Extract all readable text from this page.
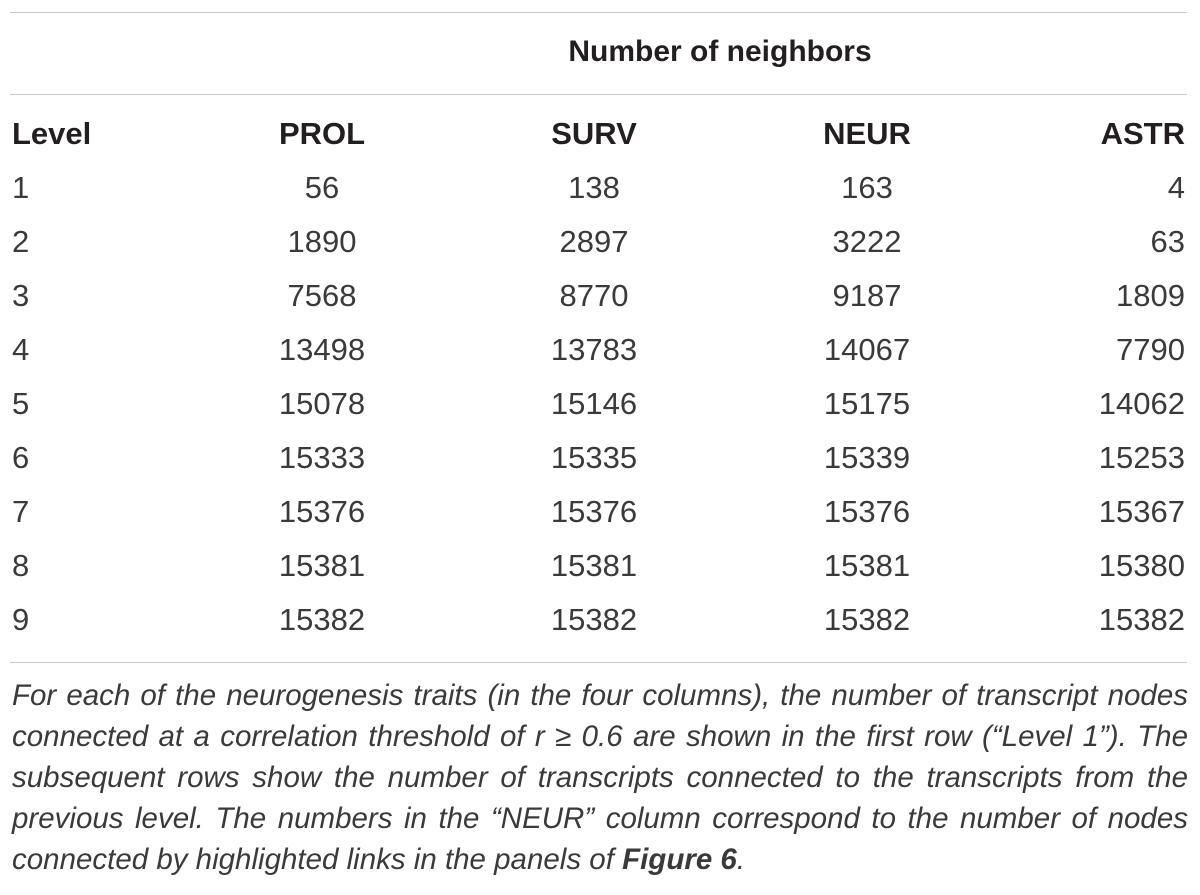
Number of neighbors
Level	PROL	SURV	NEUR	ASTR
1	56	138	163	4
2	1890	2897	3222	63
3	7568	8770	9187	1809
4	13498	13783	14067	7790
5	15078	15146	15175	14062
6	15333	15335	15339	15253
7	15376	15376	15376	15367
8	15381	15381	15381	15380
9	15382	15382	15382	15382
For each of the neurogenesis traits (in the four columns), the number of transcript nodes connected at a correlation threshold of r ≥ 0.6 are shown in the first row (“Level 1”). The subsequent rows show the number of transcripts connected to the transcripts from the previous level. The numbers in the “NEUR” column correspond to the number of nodes connected by highlighted links in the panels of Figure 6.
